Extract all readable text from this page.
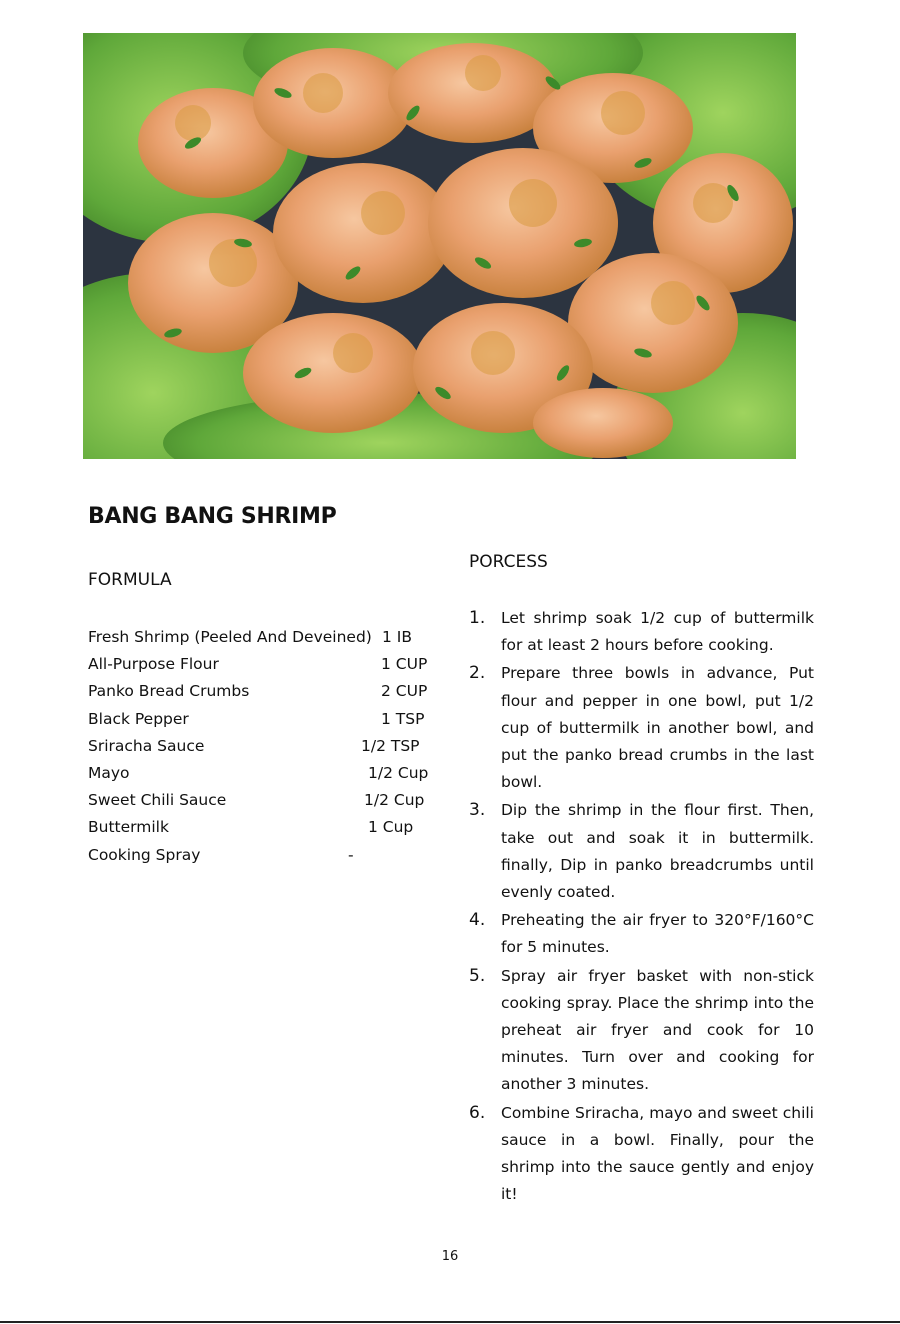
BANG BANG SHRIMP
FORMULA
Fresh Shrimp (Peeled And Deveined) 1 IB
All-Purpose Flour	1 CUP
Panko Bread Crumbs	2 CUP
Black Pepper	1 TSP
Sriracha Sauce	1/2 TSP
Mayo	1/2 Cup
Sweet Chili Sauce	1/2 Cup
Buttermilk	1 Cup
Cooking Spray	-
PORCESS
1. Let shrimp soak 1/2 cup of buttermilk for at least 2 hours before cooking.
2. Prepare three bowls in advance, Put flour and pepper in one bowl, put 1/2 cup of buttermilk in another bowl, and put the panko bread crumbs in the last bowl.
3. Dip the shrimp in the flour first. Then, take out and soak it in buttermilk. finally, Dip in panko breadcrumbs until evenly coated.
4. Preheating the air fryer to 320°F/160°C for 5 minutes.
5. Spray air fryer basket with non-stick cooking spray. Place the shrimp into the preheat air fryer and cook for 10 minutes. Turn over and cooking for another 3 minutes.
6. Combine Sriracha, mayo and sweet chili sauce in a bowl. Finally, pour the shrimp into the sauce gently and enjoy it!
16
